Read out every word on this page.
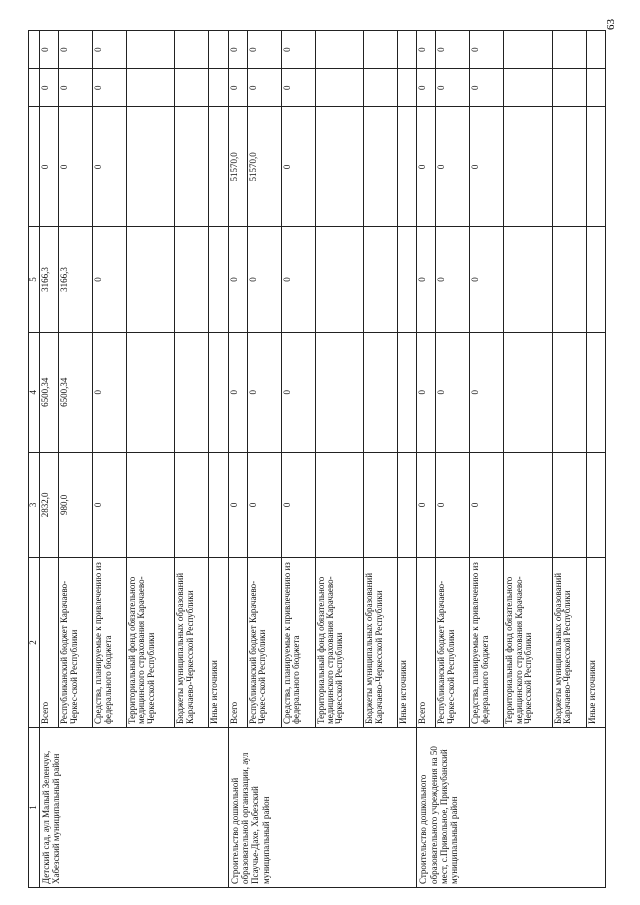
63
1	2	3	4	5			
Детский сад, аул Малый Зеленчук, Хабезский муниципальный район	Всего	2832,0	6500,34	3166,3	0	0	0
	Республиканский бюджет Карачаево-Черкес-ской Республики	980,0	6500,34	3166,3	0	0	0
	Средства, планируемые к привлечению из федерального бюджета	0	0	0	0	0	0
	Территориальный фонд обязательного медицинского страхования Карачаево-Черкесской Республики						
	Бюджеты муниципальных образований Карачаево-Черкесской Республики						
	Иные источники						
Строительство дошкольной образовательной организации, аул Псаучье-Дахе, Хабезский муниципальный район	Всего	0	0	0	51570,0	0	0
	Республиканский бюджет Карачаево-Черкес-ской Республики	0	0	0	51570,0	0	0
	Средства, планируемые к привлечению из федерального бюджета	0	0	0	0	0	0
	Территориальный фонд обязательного медицинского страхования Карачаево-Черкесской Республики						
	Бюджеты муниципальных образований Карачаево-Черкесской Республики						
	Иные источники						
Строительство дошкольного образовательного учреждения на 50 мест, с.Привольное, Прикубанский муниципальный район	Всего	0	0	0	0	0	0
	Республиканский бюджет Карачаево-Черкес-ской Республики	0	0	0	0	0	0
	Средства, планируемые к привлечению из федерального бюджета	0	0	0	0	0	0
	Территориальный фонд обязательного медицинского страхования Карачаево-Черкесской Республики						
	Бюджеты муниципальных образований Карачаево-Черкесской Республики						
	Иные источники						
